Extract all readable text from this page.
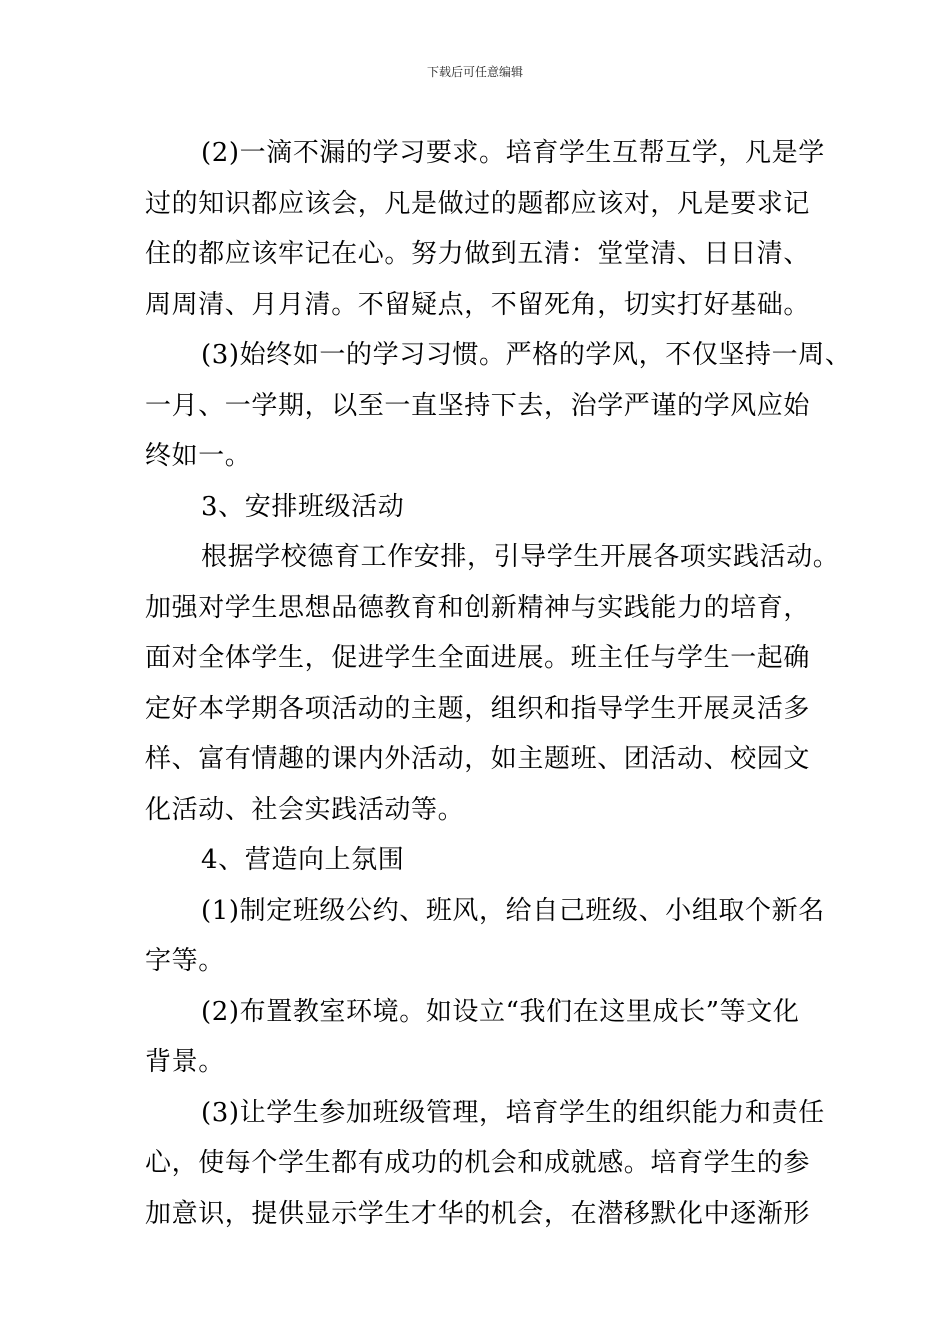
下载后可任意编辑
(2)一滴不漏的学习要求。培育学生互帮互学，凡是学
过的知识都应该会，凡是做过的题都应该对，凡是要求记
住的都应该牢记在心。努力做到五清：堂堂清、日日清、
周周清、月月清。不留疑点，不留死角，切实打好基础。
(3)始终如一的学习习惯。严格的学风，不仅坚持一周、
一月、一学期，以至一直坚持下去，治学严谨的学风应始
终如一。
3、安排班级活动
根据学校德育工作安排，引导学生开展各项实践活动。
加强对学生思想品德教育和创新精神与实践能力的培育，
面对全体学生，促进学生全面进展。班主任与学生一起确
定好本学期各项活动的主题，组织和指导学生开展灵活多
样、富有情趣的课内外活动，如主题班、团活动、校园文
化活动、社会实践活动等。
4、营造向上氛围
(1)制定班级公约、班风，给自己班级、小组取个新名
字等。
(2)布置教室环境。如设立“我们在这里成长”等文化
背景。
(3)让学生参加班级管理，培育学生的组织能力和责任
心，使每个学生都有成功的机会和成就感。培育学生的参
加意识，提供显示学生才华的机会，在潜移默化中逐渐形
